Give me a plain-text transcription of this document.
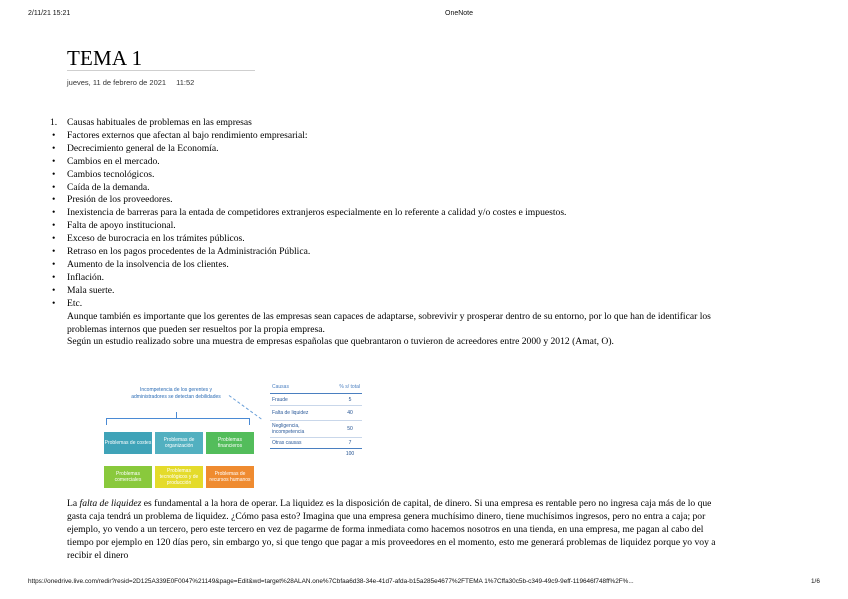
2/11/21 15:21	OneNote
TEMA 1
jueves, 11 de febrero de 2021 11:52
1.	Causas habituales de problemas en las empresas
•	Factores externos que afectan al bajo rendimiento empresarial:
•	Decrecimiento general de la Economía.
•	Cambios en el mercado.
•	Cambios tecnológicos.
•	Caída de la demanda.
•	Presión de los proveedores.
•	Inexistencia de barreras para la entada de competidores extranjeros especialmente en lo referente a calidad y/o costes e impuestos.
•	Falta de apoyo institucional.
•	Exceso de burocracia en los trámites públicos.
•	Retraso en los pagos procedentes de la Administración Pública.
•	Aumento de la insolvencia de los clientes.
•	Inflación.
•	Mala suerte.
•	Etc.
Aunque también es importante que los gerentes de las empresas sean capaces de adaptarse, sobrevivir y prosperar dentro de su entorno, por lo que han de identificar los problemas internos que pueden ser resueltos por la propia empresa.
Según un estudio realizado sobre una muestra de empresas españolas que quebrantaron o tuvieron de acreedores entre 2000 y 2012 (Amat, O).
Incompetencia de los gerentes y administradores se detectan debilidades
Problemas de costes	Problemas de organización
Problemas financieros
Problemas comerciales
Problemas tecnológicos y de producción
Problemas de recursos humanos
Causas	% s/ total
Fraude	5
Falta de liquidez	40
Negligencia, incompetencia	50
Otras causas	7
100

La falta de liquidez es fundamental a la hora de operar. La liquidez es la disposición de capital, de dinero. Si una empresa es rentable pero no ingresa caja más de lo que gasta caja tendrá un problema de liquidez. ¿Cómo pasa esto? Imagina que una empresa genera muchísimo dinero, tiene muchísimos ingresos, pero no entra a caja; por ejemplo, yo vendo a un tercero, pero este tercero en vez de pagarme de forma inmediata como hacemos nosotros en una tienda, en una empresa, me pagan al cabo del tiempo por ejemplo en 120 días pero, sin embargo yo, si que tengo que pagar a mis proveedores en el momento, esto me generará problemas de liquidez porque yo voy a recibir el dinero

https://onedrive.live.com/redir?resid=2D125A339E0F0047%21149&page=Edit&wd=target%28ALAN.one%7Cbfaa6d38-34e-41d7-afda-b15a285e4677%2FTEMA 1%7Cffa30c5b-c349-49c9-9eff-119646f748ff%2F%...	1/6
